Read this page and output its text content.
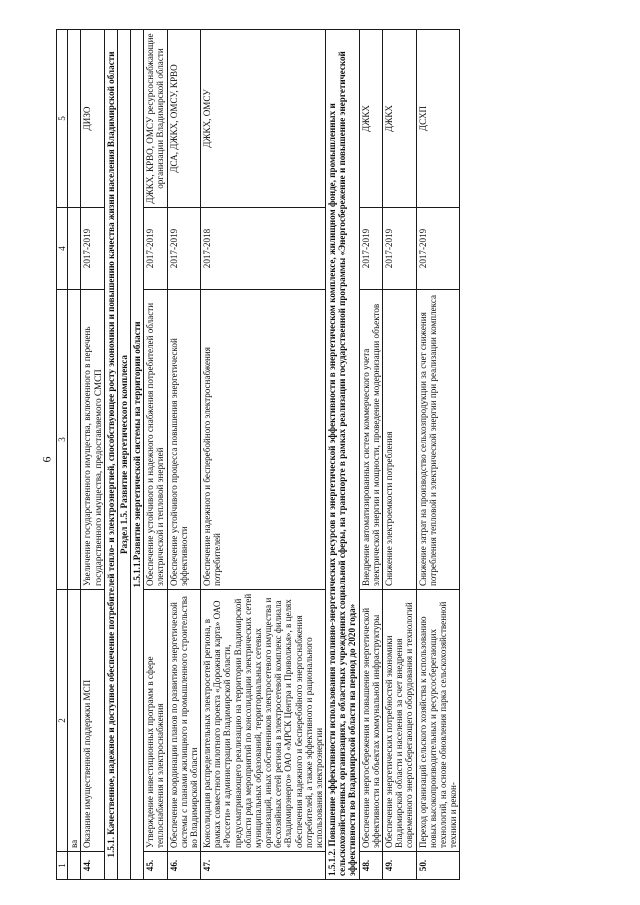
6
1	2	3	4	5
	ва			
44.	Оказание имущественной поддержки МСП	Увеличение государственного имущества, включенного в перечень государственного имущества, предоставляемого СМСП	2017-2019	ДИЗО
1.5.1. Качественное, надежное и доступное обеспечение потребителей тепло- и электроэнергией, способствующее росту экономики и повышению качества жизни населения Владимирской области				
Раздел 1.5. Развитие энергетического комплекса				
1.5.1.1.Развитие энергетической системы на территории области				
45.	Утверждение инвестиционных программ в сфере теплоснабжения и электроснабжения	Обеспечение устойчивого и надежного снабжения потребителей области электрической и тепловой энергией	2017-2019	ДЖКХ, КРВО, ОМСУ ресурсоснабжающие организации Владимирской области
46.	Обеспечение координации планов по развитию энергетической системы с планами жилищного и промышленного строительства во Владимирской области	Обеспечение устойчивого процесса повышения энергетической эффективности	2017-2019	ДСА, ДЖКХ, ОМСУ, КРВО
47.	Консолидация распределительных электросетей региона, в рамках совместного пилотного проекта «Дорожная карта» ОАО «Россети» и администрации Владимирской области, предусматривающего реализацию на территории Владимирской области ряда мероприятий по консолидации электрических сетей муниципальных образований, территориальных сетевых организаций, иных собственников электросетевого имущества и бесхозяйных сетей региона в электросетевой комплекс филиала «Владимирэнерго» ОАО «МРСК Центра и Приволжья», в целях обеспечения надежного и бесперебойного энергоснабжения потребителей, а также эффективного и рационального использования электроэнергии	Обеспечение надежного и бесперебойного электроснабжения потребителей	2017-2018	ДЖКХ, ОМСУ
1.5.1.2. Повышение эффективности использования топливно-энергетических ресурсов и энергетической эффективности в энергетическом комплексе, жилищном фонде, промышленных и сельскохозяйственных организациях, в областных учреждениях социальной сферы, на транспорте в рамках реализации государственной программы «Энергосбережение и повышение энергетической эффективности во Владимирской области на период до 2020 года»				
48.	Обеспечение энергосбережения и повышение энергетической эффективности на объектах коммунальной инфраструктуры	Внедрение автоматизированных систем коммерческого учета электрической энергии и мощности, проведение модернизации объектов	2017-2019	ДЖКХ
49.	Обеспечение энергетических потребностей экономики Владимирской области и населения за счет внедрения современного энергосберегающего оборудования и технологий	Снижение электроемкости потребления	2017-2019	ДЖКХ
50.	Переход организаций сельского хозяйства к использованию новых высокопроизводительных и ресурсосберегающих технологий, на основе обновления парка сельскохозяйственной техники и рекон-	Снижение затрат на производство сельхозпродукции за счет снижения потребления тепловой и электрической энергии при реализации комплекса	2017-2019	ДСХП
